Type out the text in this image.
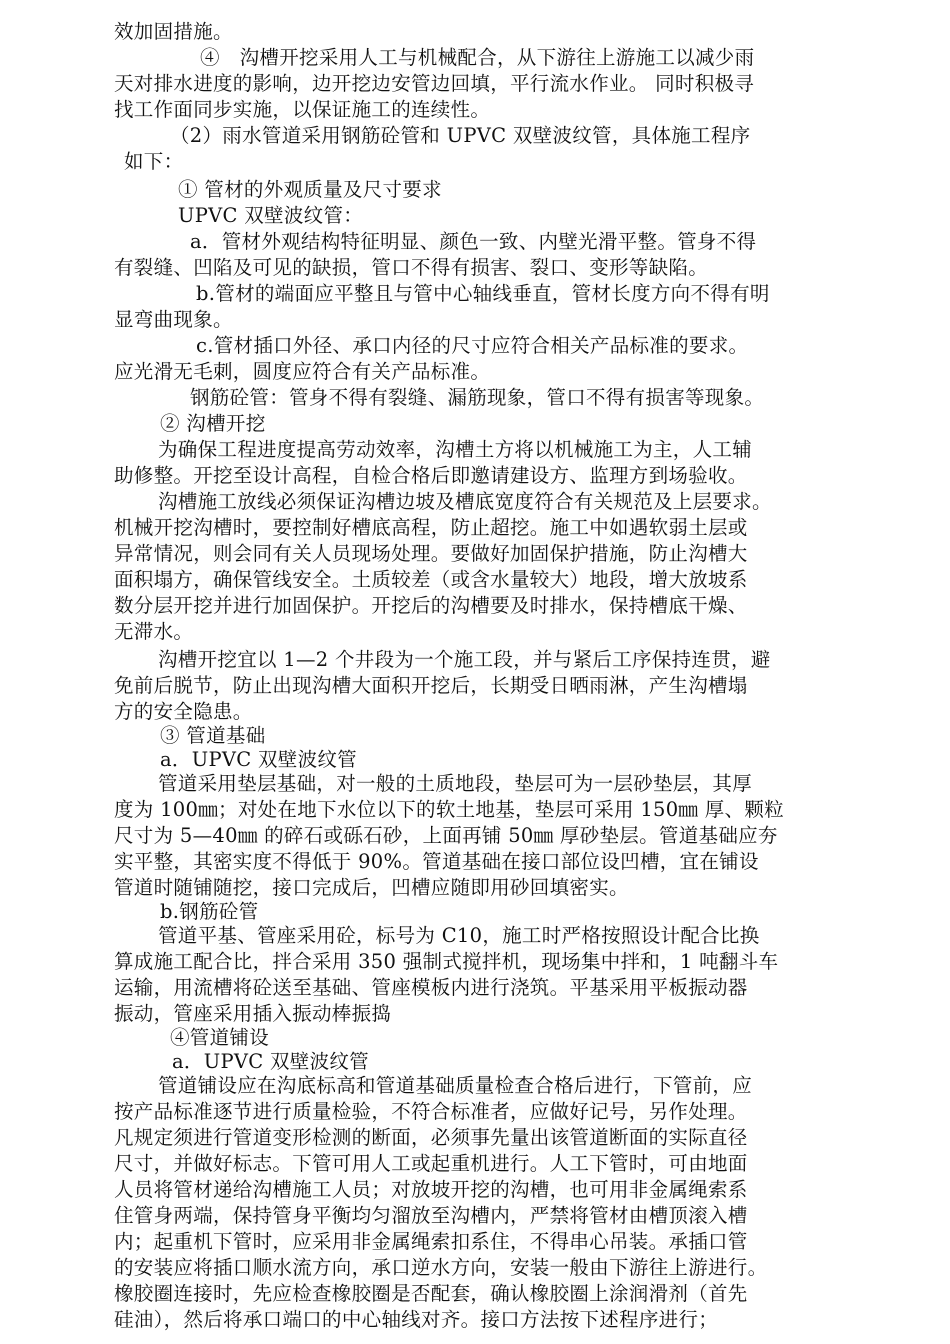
效加固措施。
④　沟槽开挖采用人工与机械配合，从下游往上游施工以减少雨
天对排水进度的影响，边开挖边安管边回填，平行流水作业。 同时积极寻
找工作面同步实施，以保证施工的连续性。
（2）雨水管道采用钢筋砼管和 UPVC 双壁波纹管，具体施工程序
如下：
① 管材的外观质量及尺寸要求
UPVC 双壁波纹管：
a．管材外观结构特征明显、颜色一致、内壁光滑平整。管身不得
有裂缝、凹陷及可见的缺损，管口不得有损害、裂口、变形等缺陷。
b.管材的端面应平整且与管中心轴线垂直，管材长度方向不得有明
显弯曲现象。
c.管材插口外径、承口内径的尺寸应符合相关产品标准的要求。
应光滑无毛刺，圆度应符合有关产品标准。
钢筋砼管：管身不得有裂缝、漏筋现象，管口不得有损害等现象。
② 沟槽开挖
为确保工程进度提高劳动效率，沟槽土方将以机械施工为主，人工辅
助修整。开挖至设计高程，自检合格后即邀请建设方、监理方到场验收。
沟槽施工放线必须保证沟槽边坡及槽底宽度符合有关规范及上层要求。
机械开挖沟槽时，要控制好槽底高程，防止超挖。施工中如遇软弱土层或
异常情况，则会同有关人员现场处理。要做好加固保护措施，防止沟槽大
面积塌方，确保管线安全。土质较差（或含水量较大）地段，增大放坡系
数分层开挖并进行加固保护。开挖后的沟槽要及时排水，保持槽底干燥、
无滞水。
沟槽开挖宜以 1—2 个井段为一个施工段，并与紧后工序保持连贯，避
免前后脱节，防止出现沟槽大面积开挖后，长期受日晒雨淋，产生沟槽塌
方的安全隐患。
③ 管道基础
a．UPVC 双壁波纹管
管道采用垫层基础，对一般的土质地段，垫层可为一层砂垫层，其厚
度为 100㎜；对处在地下水位以下的软土地基，垫层可采用 150㎜ 厚、颗粒
尺寸为 5—40㎜ 的碎石或砾石砂，上面再铺 50㎜ 厚砂垫层。管道基础应夯
实平整，其密实度不得低于 90%。管道基础在接口部位设凹槽，宜在铺设
管道时随铺随挖，接口完成后，凹槽应随即用砂回填密实。
b.钢筋砼管
管道平基、管座采用砼，标号为 C10，施工时严格按照设计配合比换
算成施工配合比，拌合采用 350 强制式搅拌机，现场集中拌和，1 吨翻斗车
运输，用流槽将砼送至基础、管座模板内进行浇筑。平基采用平板振动器
振动，管座采用插入振动棒振捣
④管道铺设
a．UPVC 双壁波纹管
管道铺设应在沟底标高和管道基础质量检查合格后进行，下管前，应
按产品标准逐节进行质量检验，不符合标准者，应做好记号，另作处理。
凡规定须进行管道变形检测的断面，必须事先量出该管道断面的实际直径
尺寸，并做好标志。下管可用人工或起重机进行。人工下管时，可由地面
人员将管材递给沟槽施工人员；对放坡开挖的沟槽，也可用非金属绳索系
住管身两端，保持管身平衡均匀溜放至沟槽内，严禁将管材由槽顶滚入槽
内；起重机下管时，应采用非金属绳索扣系住，不得串心吊装。承插口管
的安装应将插口顺水流方向，承口逆水方向，安装一般由下游往上游进行。
橡胶圈连接时，先应检查橡胶圈是否配套，确认橡胶圈上涂润滑剂（首先
硅油），然后将承口端口的中心轴线对齐。接口方法按下述程序进行；
